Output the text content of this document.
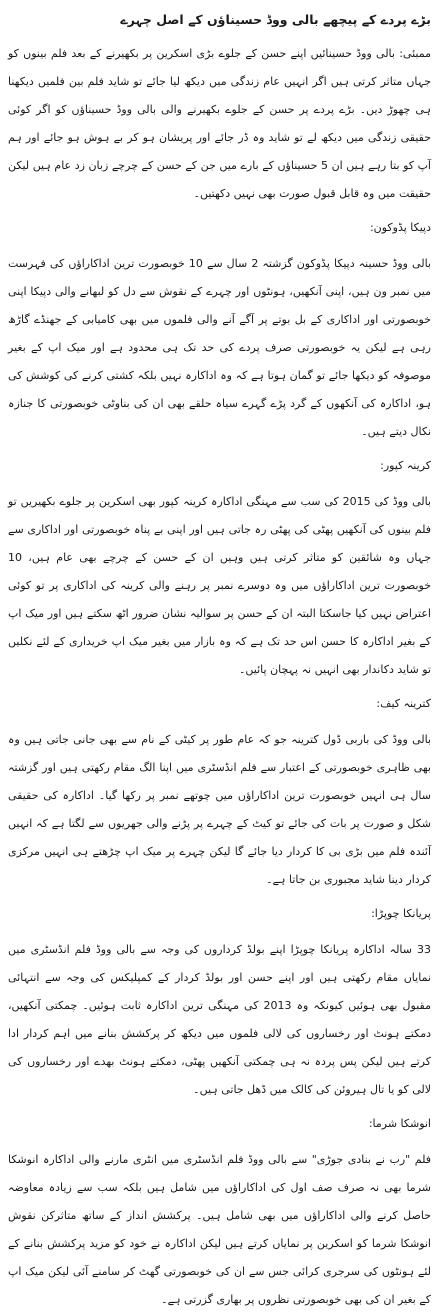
بڑے پردے کے پیچھے بالی ووڈ حسیناؤں کے اصل چہرے

ممبئی: بالی ووڈ حسینائیں اپنے حسن کے جلوے بڑی اسکرین پر بکھیرنے کے بعد فلم بینوں کو جہاں متاثر کرتی ہیں اگر انہیں عام زندگی میں دیکھ لیا جائے تو شاید فلم بین فلمیں دیکھنا ہی چھوڑ دیں۔ بڑے پردے پر حسن کے جلوے بکھیرنے والی بالی ووڈ حسیناؤں کو اگر کوئی حقیقی زندگی میں دیکھ لے تو شاید وہ ڈر جائے اور پریشان ہو کر بے ہوش ہو جائے اور ہم آپ کو بتا رہے ہیں ان 5 حسیناؤں کے بارے میں جن کے حسن کے چرچے زبان زد عام ہیں لیکن حقیقت میں وہ قابل قبول صورت بھی نہیں دکھتیں۔

دپیکا پڈوکون:

بالی ووڈ حسینہ دپیکا پڈوکون گزشتہ 2 سال سے 10 خوبصورت ترین اداکاراؤں کی فہرست میں نمبر ون ہیں، اپنی آنکھیں، ہونٹوں اور چہرے کے نقوش سے دل کو لبھانے والی دپیکا اپنی خوبصورتی اور اداکاری کے بل بوتے پر آگے آنے والی فلموں میں بھی کامیابی کے جھنڈے گاڑھ رہی ہے لیکن یہ خوبصورتی صرف پردے کی حد تک ہی محدود ہے اور میک اپ کے بغیر موصوفہ کو دیکھا جائے تو گمان ہوتا ہے کہ وہ اداکارہ نہیں بلکہ کشتی کرنے کی کوشش کی ہو، اداکارہ کی آنکھوں کے گرد پڑے گہرے سیاہ حلقے بھی ان کی بناوٹی خوبصورتی کا جنازہ نکال دیتے ہیں۔

کرینہ کپور:

بالی ووڈ کی 2015 کی سب سے مہنگی اداکارہ کرینہ کپور بھی اسکرین پر جلوے بکھیریں تو فلم بینوں کی آنکھیں پھٹی کی پھٹی رہ جاتی ہیں اور اپنی بے پناہ خوبصورتی اور اداکاری سے جہاں وہ شائقین کو متاثر کرتی ہیں وہیں ان کے حسن کے چرچے بھی عام ہیں، 10 خوبصورت ترین اداکاراؤں میں وہ دوسرے نمبر پر رہنے والی کرینہ کی اداکاری پر تو کوئی اعتراض نہیں کیا جاسکتا البتہ ان کے حسن پر سوالیہ نشان ضرور اٹھ سکتے ہیں اور میک اپ کے بغیر اداکارہ کا حسن اس حد تک ہے کہ وہ بازار میں بغیر میک اپ خریداری کے لئے نکلیں تو شاید دکاندار بھی انہیں نہ پہچان پائیں۔

کترینہ کیف:

بالی ووڈ کی باربی ڈول کترینہ جو کہ عام طور پر کیٹی کے نام سے بھی جانی جاتی ہیں وہ بھی ظاہری خوبصورتی کے اعتبار سے فلم انڈسٹری میں اپنا الگ مقام رکھتی ہیں اور گزشتہ سال ہی انہیں خوبصورت ترین اداکاراؤں میں چوتھے نمبر پر رکھا گیا۔ اداکارہ کی حقیقی شکل و صورت پر بات کی جائے تو کیٹ کے چہرے پر پڑنے والی جھریوں سے لگتا ہے کہ انہیں آئندہ فلم میں بڑی بی کا کردار دیا جائے گا لیکن چہرے پر میک اپ چڑھتے ہی انہیں مرکزی کردار دینا شاید مجبوری بن جاتا ہے۔

پریانکا چوپڑا:

33 سالہ اداکارہ پریانکا چوپڑا اپنے بولڈ کرداروں کی وجہ سے بالی ووڈ فلم انڈسٹری میں نمایاں مقام رکھتی ہیں اور اپنے حسن اور بولڈ کردار کے کمپلیکس کی وجہ سے انتہائی مقبول بھی ہوئیں کیونکہ وہ 2013 کی مہنگی ترین اداکارہ ثابت ہوئیں۔ چمکتی آنکھیں، دمکتے ہونٹ اور رخساروں کی لالی فلموں میں دیکھ کر پرکشش بنانے میں اہم کردار ادا کرتے ہیں لیکن پس پردہ نہ ہی چمکتی آنکھیں پھٹی، دمکتے ہونٹ بھدے اور رخساروں کی لالی کو یا تال ہیروئن کی کالک میں ڈھل جاتی ہیں۔

انوشکا شرما:

فلم "رب نے بنادی جوڑی" سے بالی ووڈ فلم انڈسٹری میں انٹری مارنے والی اداکارہ انوشکا شرما بھی نہ صرف صف اول کی اداکاراؤں میں شامل ہیں بلکہ سب سے زیادہ معاوضہ حاصل کرنے والی اداکاراؤں میں بھی شامل ہیں۔ پرکشش انداز کے ساتھ متاثرکن نقوش انوشکا شرما کو اسکرین پر نمایاں کرتے ہیں لیکن اداکارہ نے خود کو مزید پرکشش بنانے کے لئے ہونٹوں کی سرجری کرائی جس سے ان کی خوبصورتی گھٹ کر سامنے آئی لیکن میک اپ کے بغیر ان کی بھی خوبصورتی نظروں پر بھاری گزرتی ہے۔
